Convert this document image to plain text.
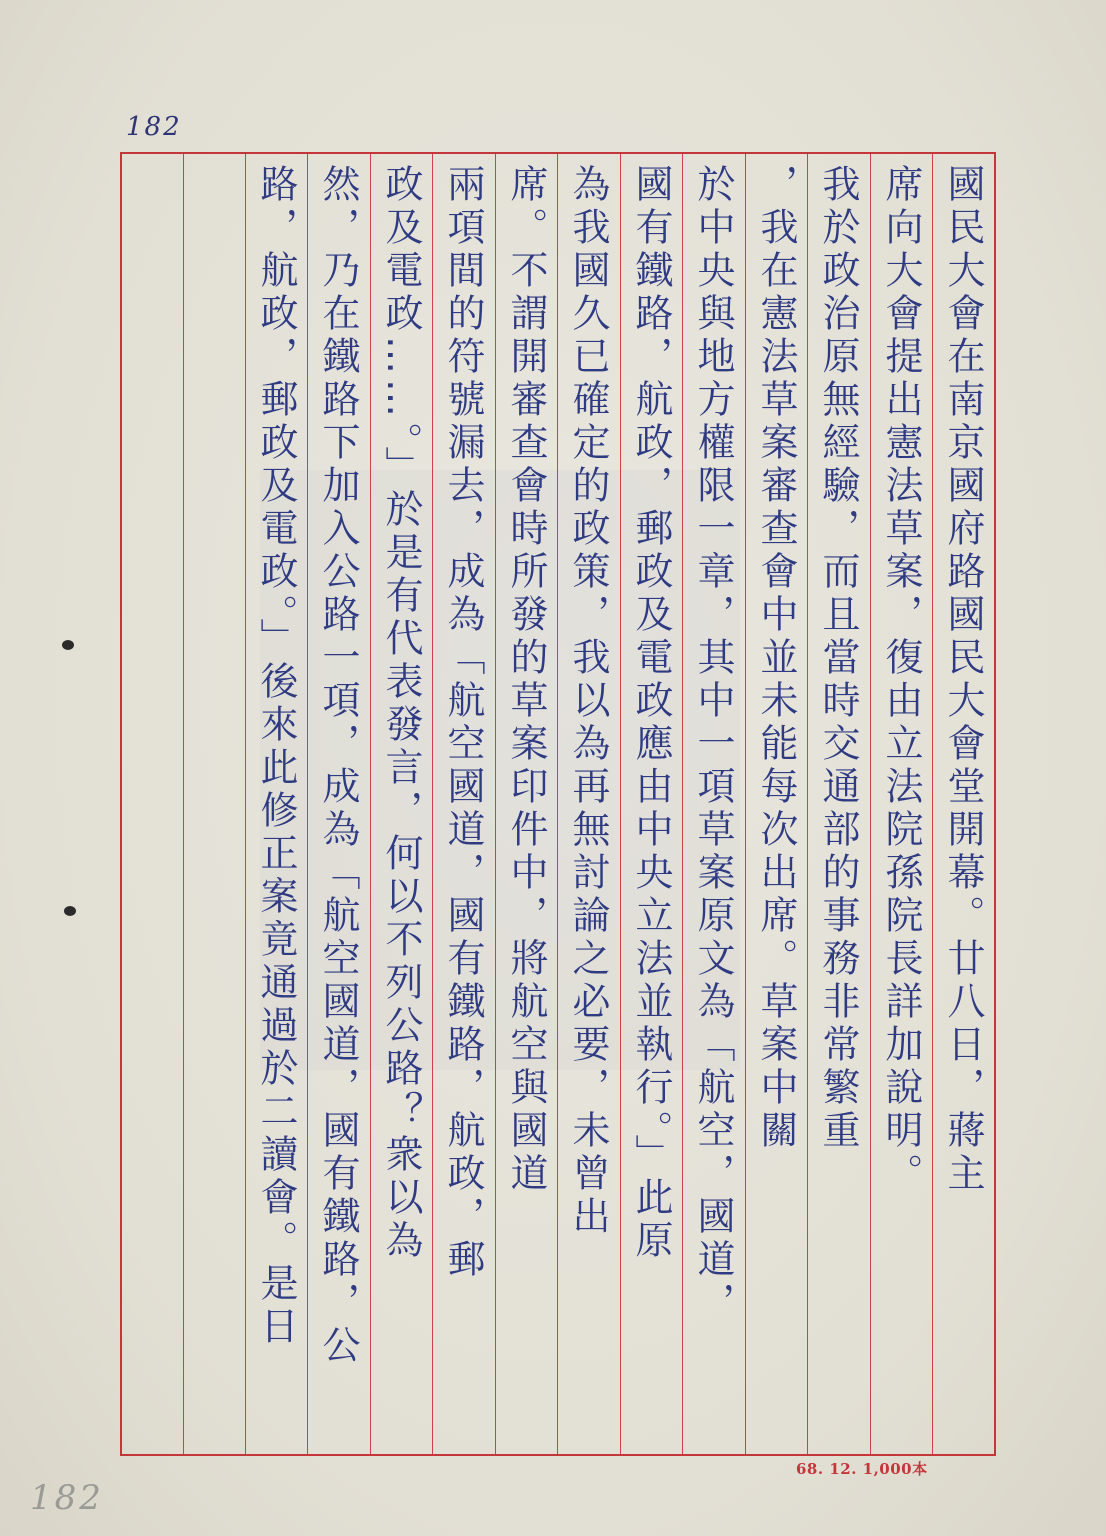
182
國民大會在南京國府路國民大會堂開幕。廿八日，蔣主
席向大會提出憲法草案，復由立法院孫院長詳加說明。
我於政治原無經驗，而且當時交通部的事務非常繁重
，我在憲法草案審查會中並未能每次出席。草案中關
於中央與地方權限一章，其中一項草案原文為「航空，國道，
國有鐵路，航政，郵政及電政應由中央立法並執行。」此原
為我國久已確定的政策，我以為再無討論之必要，未曾出
席。不謂開審查會時所發的草案印件中，將航空與國道
兩項間的符號漏去，成為「航空國道，國有鐵路，航政，郵
政及電政……。」於是有代表發言，何以不列公路？衆以為
然，乃在鐵路下加入公路一項，成為「航空國道，國有鐵路，公
路，航政，郵政及電政。」後來此修正案竟通過於二讀會。是日
68. 12. 1,000本
182
